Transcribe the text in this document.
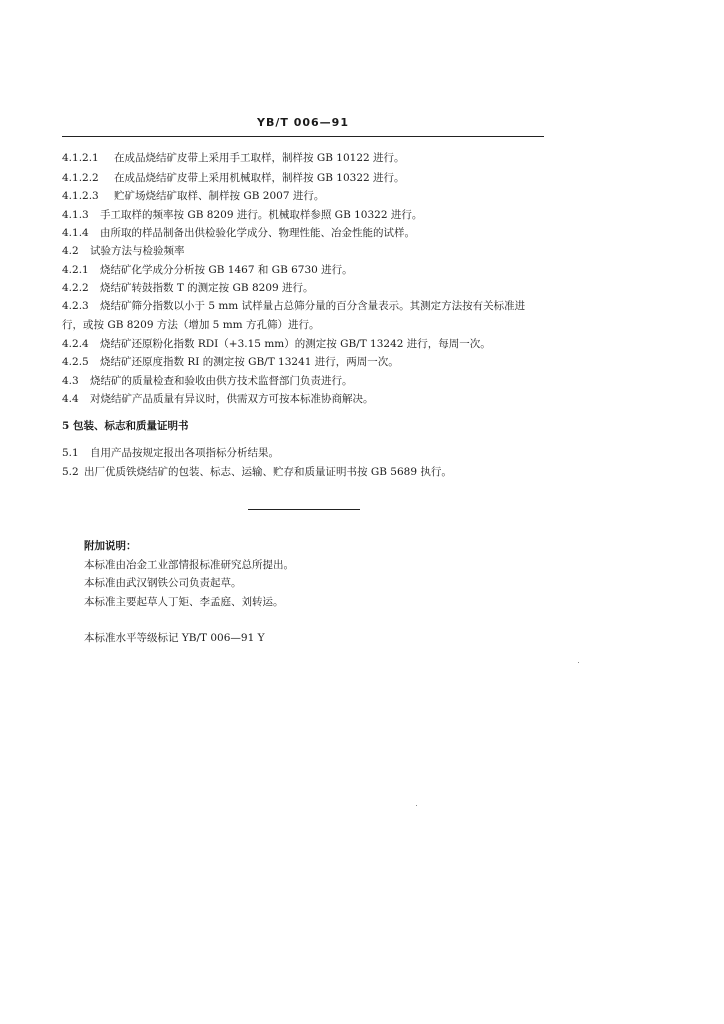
YB/T 006—91
4.1.2.1 在成品烧结矿皮带上采用手工取样，制样按 GB 10122 进行。
4.1.2.2 在成品烧结矿皮带上采用机械取样，制样按 GB 10322 进行。
4.1.2.3 贮矿场烧结矿取样、制样按 GB 2007 进行。
4.1.3 手工取样的频率按 GB 8209 进行。机械取样参照 GB 10322 进行。
4.1.4 由所取的样品制备出供检验化学成分、物理性能、冶金性能的试样。
4.2 试验方法与检验频率
4.2.1 烧结矿化学成分分析按 GB 1467 和 GB 6730 进行。
4.2.2 烧结矿转鼓指数 T 的测定按 GB 8209 进行。
4.2.3 烧结矿筛分指数以小于 5 mm 试样量占总筛分量的百分含量表示。其测定方法按有关标准进
行，或按 GB 8209 方法（增加 5 mm 方孔筛）进行。
4.2.4 烧结矿还原粉化指数 RDI（+3.15 mm）的测定按 GB/T 13242 进行，每周一次。
4.2.5 烧结矿还原度指数 RI 的测定按 GB/T 13241 进行，两周一次。
4.3 烧结矿的质量检查和验收由供方技术监督部门负责进行。
4.4 对烧结矿产品质量有异议时，供需双方可按本标准协商解决。
5 包装、标志和质量证明书
5.1 自用产品按规定报出各项指标分析结果。
5.2 出厂优质铁烧结矿的包装、标志、运输、贮存和质量证明书按 GB 5689 执行。
附加说明：
本标准由冶金工业部情报标准研究总所提出。
本标准由武汉钢铁公司负责起草。
本标准主要起草人丁矩、李孟庭、刘转运。
本标准水平等级标记 YB/T 006—91 Y
